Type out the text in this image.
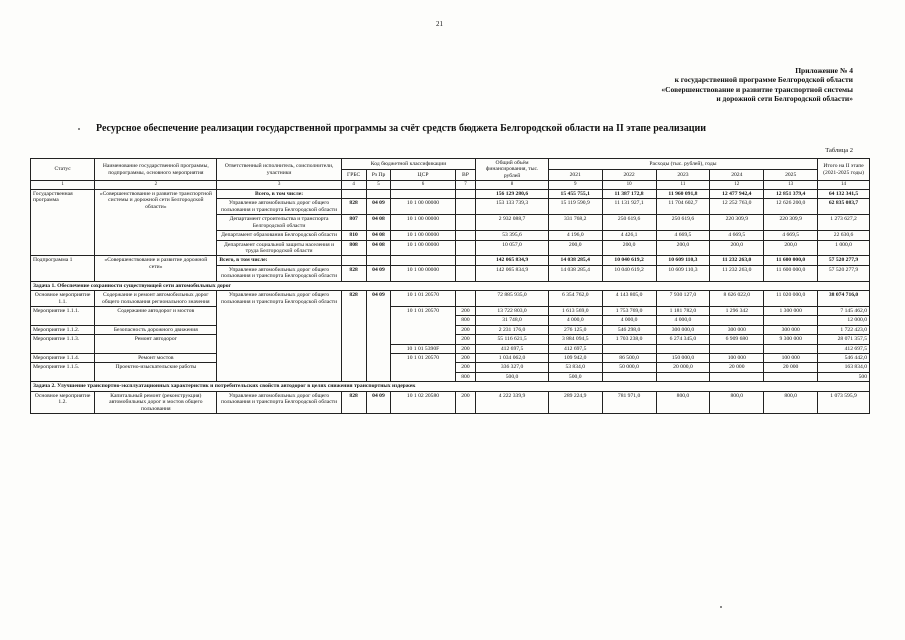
21
Приложение № 4
к государственной программе Белгородской области
«Совершенствование и развитие транспортной системы
и дорожной сети Белгородской области»
Ресурсное обеспечение реализации государственной программы за счёт средств бюджета Белгородской области на II этапе реализации
Таблица 2
Статус	Наименование государственной программы, подпрограммы, основного мероприятия	Ответственный исполнитель, соисполнители, участники	Код бюджетной классификации				Общий объём финансирования, тыс. рублей	Расходы (тыс. рублей), годы					Итого на II этапе (2021-2025 годы)
			ГРБС	Рз Пр	ЦСР	ВР		2021	2022	2023	2024	2025	
1	2	3	4	5	6	7	8	9	10	11	12	13	14
Государственная программа	«Совершенствование и развитие транспортной системы и дорожной сети Белгородской области»	Всего, в том числе:					156 129 280,6	15 455 755,1	11 387 172,8	11 960 091,8	12 477 942,4	12 851 379,4	64 132 341,5
		Управление автомобильных дорог общего пользования и транспорта Белгородской области	828	04 09	10 1 00 00000		153 133 739,3	15 119 590,9	11 131 927,1	11 704 602,7	12 252 763,0	12 626 200,0	62 835 083,7
		Департамент строительства и транспорта Белгородской области	807	04 08	10 1 00 00000		2 932 088,7	331 768,2	250 619,6	250 619,6	220 309,9	220 309,9	1 273 627,2
		Департамент образования Белгородской области	810	04 08	10 1 00 00000		53 395,6	4 196,0	4 426,1	4 669,5	4 669,5	4 669,5	22 630,6
		Департамент социальной защиты населения и труда Белгородской области	808	04 08	10 1 00 00000		10 057,0	200,0	200,0	200,0	200,0	200,0	1 000,0
Подпрограмма 1	«Совершенствование и развитие дорожной сети»	Всего, в том числе:					142 065 834,9	14 038 285,4	10 040 619,2	10 609 110,3	11 232 263,0	11 600 000,0	57 520 277,9
		Управление автомобильных дорог общего пользования и транспорта Белгородской области	828	04 09	10 1 00 00000		142 065 834,9	14 038 285,4	10 040 619,2	10 609 110,3	11 232 263,0	11 600 000,0	57 520 277,9
Задача 1. Обеспечение сохранности существующей сети автомобильных дорог													
Основное мероприятие 1.1.	Содержание и ремонт автомобильных дорог общего пользования регионального значения	Управление автомобильных дорог общего пользования и транспорта Белгородской области	828	04 09	10 1 01 20570		72 885 935,0	6 354 762,0	4 143 805,0	7 930 127,0	8 626 022,0	11 020 000,0	38 074 716,0
Мероприятие 1.1.1.	Содержание автодорог и мостов				10 1 01 20570	200	13 722 803,0	1 613 569,0	1 753 769,0	1 181 782,0	1 296 342	1 300 000	7 145 462,0
						800	31 748,0	4 000,0	4 000,0	4 000,0			12 000,0
Мероприятие 1.1.2.	Безопасность дорожного движения					200	2 231 176,0	276 125,0	546 298,0	300 000,0	300 000	300 000	1 722 423,0
Мероприятие 1.1.3.	Ремонт автодорог					200	55 116 621,5	3 884 094,5	1 703 238,0	6 274 345,0	6 909 680	9 300 000	28 071 357,5
					10 1 01 5390F	200	412 697,5	412 697,5					412 697,5
Мероприятие 1.1.4.	Ремонт мостов				10 1 01 20570	200	1 034 062,0	109 942,0	86 500,0	150 000,0	100 000	100 000	546 442,0
Мероприятие 1.1.5.	Проектно-изыскательские работы					200	336 327,0	53 834,0	50 000,0	20 000,0	20 000	20 000	163 834,0
						800	500,0	500,0					500
Задача 2. Улучшение транспортно-эксплуатационных характеристик и потребительских свойств автодорог в целях снижения транспортных издержек													
Основное мероприятие 1.2.	Капитальный ремонт (реконструкция) автомобильных дорог и мостов общего пользования	Управление автомобильных дорог общего пользования и транспорта Белгородской области	828	04 09	10 1 02 20580	200	4 222 339,9	289 224,9	781 971,0	800,0	800,0	800,0	1 073 595,9
